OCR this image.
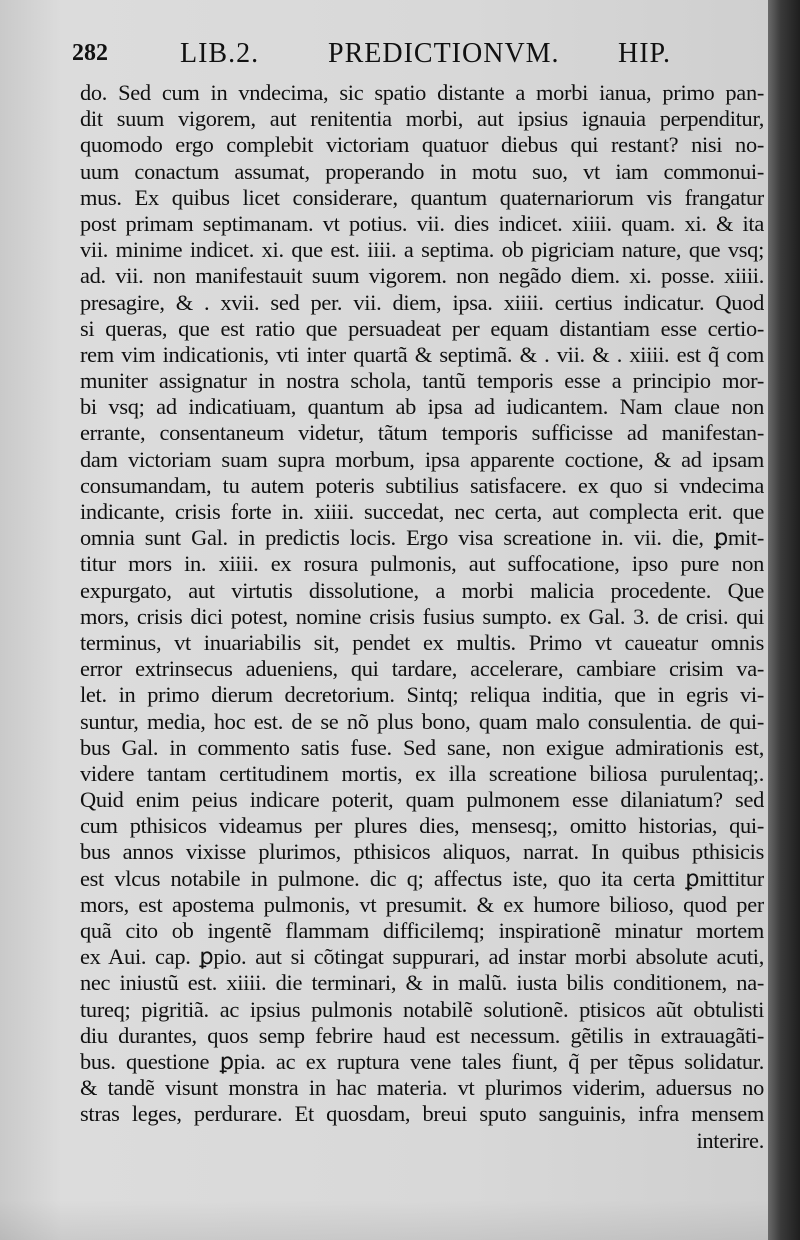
282	LIB.2. PREDICTIONVM. HIP.
do. Sed cum in vndecima, sic spatio distante a morbi ianua, primo pan-
dit suum vigorem, aut renitentia morbi, aut ipsius ignauia perpenditur,
quomodo ergo complebit victoriam quatuor diebus qui restant? nisi no-
uum conactum assumat, properando in motu suo, vt iam commonui-
mus. Ex quibus licet considerare, quantum quaternariorum vis frangatur
post primam septimanam. vt potius. vii. dies indicet. xiiii. quam. xi. & ita
vii. minime indicet. xi. que est. iiii. a septima. ob pigriciam nature, que vsq;
ad. vii. non manifestauit suum vigorem. non negãdo diem. xi. posse. xiiii.
presagire, & . xvii. sed per. vii. diem, ipsa. xiiii. certius indicatur. Quod
si queras, que est ratio que persuadeat per equam distantiam esse certio-
rem vim indicationis, vti inter quartã & septimã. & . vii. & . xiiii. est q̃ com
muniter assignatur in nostra schola, tantũ temporis esse a principio mor-
bi vsq; ad indicatiuam, quantum ab ipsa ad iudicantem. Nam claue non
errante, consentaneum videtur, tãtum temporis sufficisse ad manifestan-
dam victoriam suam supra morbum, ipsa apparente coctione, & ad ipsam
consumandam, tu autem poteris subtilius satisfacere. ex quo si vndecima
indicante, crisis forte in. xiiii. succedat, nec certa, aut complecta erit. que
omnia sunt Gal. in predictis locis. Ergo visa screatione in. vii. die, ꝑmit-
titur mors in. xiiii. ex rosura pulmonis, aut suffocatione, ipso pure non
expurgato, aut virtutis dissolutione, a morbi malicia procedente. Que
mors, crisis dici potest, nomine crisis fusius sumpto. ex Gal. 3. de crisi. qui
terminus, vt inuariabilis sit, pendet ex multis. Primo vt caueatur omnis
error extrinsecus adueniens, qui tardare, accelerare, cambiare crisim va-
let. in primo dierum decretorium. Sintq; reliqua inditia, que in egris vi-
suntur, media, hoc est. de se nõ plus bono, quam malo consulentia. de qui-
bus Gal. in commento satis fuse. Sed sane, non exigue admirationis est,
videre tantam certitudinem mortis, ex illa screatione biliosa purulentaq;.
Quid enim peius indicare poterit, quam pulmonem esse dilaniatum? sed
cum pthisicos videamus per plures dies, mensesq;, omitto historias, qui-
bus annos vixisse plurimos, pthisicos aliquos, narrat. In quibus pthisicis
est vlcus notabile in pulmone. dic q; affectus iste, quo ita certa ꝑmittitur
mors, est apostema pulmonis, vt presumit. & ex humore bilioso, quod per
quã cito ob ingentẽ flammam difficilemq; inspirationẽ minatur mortem
ex Aui. cap. ꝑpio. aut si cõtingat suppurari, ad instar morbi absolute acuti,
nec iniustũ est. xiiii. die terminari, & in malũ. iusta bilis conditionem, na-
tureq; pigritiã. ac ipsius pulmonis notabilẽ solutionẽ. ptisicos aũt obtulisti
diu durantes, quos semp febrire haud est necessum. gẽtilis in extrauagãti-
bus. questione ꝑpia. ac ex ruptura vene tales fiunt, q̃ per tẽpus solidatur.
& tandẽ visunt monstra in hac materia. vt plurimos viderim, aduersus no
stras leges, perdurare. Et quosdam, breui sputo sanguinis, infra mensem
interire.
